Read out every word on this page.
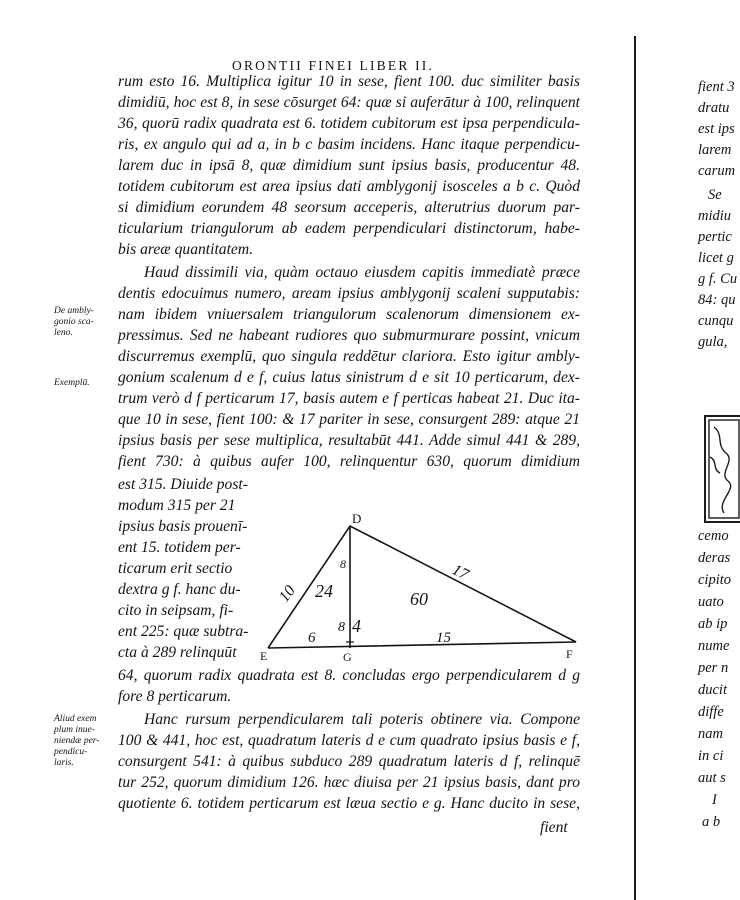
ORONTII FINEI LIBER II.
rum esto 16. Multiplica igitur 10 in sese, fient 100. duc similiter basis
dimidiū, hoc est 8, in sese cōsurget 64: quæ si auferātur à 100, relinquent
36, quorū radix quadrata est 6. totidem cubitorum est ipsa perpendicula-
ris, ex angulo qui ad a, in b c basim incidens. Hanc itaque perpendicu-
larem duc in ipsā 8, quæ dimidium sunt ipsius basis, producentur 48.
totidem cubitorum est area ipsius dati amblygonij isosceles a b c. Quòd
si dimidium eorundem 48 seorsum acceperis, alterutrius duorum par-
ticularium triangulorum ab eadem perpendiculari distinctorum, habe-
bis areæ quantitatem.
Haud dissimili via, quàm octauo eiusdem capitis immediatè præce
dentis edocuimus numero, aream ipsius amblygonij scaleni supputabis:
nam ibidem vniuersalem triangulorum scalenorum dimensionem ex-
pressimus. Sed ne habeant rudiores quo submurmurare possint, vnicum
discurremus exemplū, quo singula reddētur clariora. Esto igitur ambly-
gonium scalenum d e f, cuius latus sinistrum d e sit 10 perticarum, dex-
trum verò d f perticarum 17, basis autem e f perticas habeat 21. Duc ita-
que 10 in sese, fient 100: & 17 pariter in sese, consurgent 289: atque 21
ipsius basis per sese multiplica, resultabūt 441. Adde simul 441 & 289,
fient 730: à quibus aufer 100, relinquentur 630, quorum dimidium
est 315. Diuide post-
modum 315 per 21
ipsius basis prouenī-
ent 15. totidem per-
ticarum erit sectio
dextra g f. hanc du-
cito in seipsam, fi-
ent 225: quæ subtra-
cta à 289 relinquūt
64, quorum radix quadrata est 8. concludas ergo perpendicularem d g
fore 8 perticarum.
Hanc rursum perpendicularem tali poteris obtinere via. Compone
100 & 441, hoc est, quadratum lateris d e cum quadrato ipsius basis e f,
consurgent 541: à quibus subduco 289 quadratum lateris d f, relinquē
tur 252, quorum dimidium 126. hæc diuisa per 21 ipsius basis, dant pro
quotiente 6. totidem perticarum est læua sectio e g. Hanc ducito in sese,
fient
De ambly-
gonio sca-
leno.
Exemplū.
Aliud exem
plum inue-
niendæ per-
pendicu-
laris.
D
E	G	F
10
17
8
24	60
4
8
6	15
fient 3
dratu
est ips
larem
carum
Se
midiu
pertic
licet g
g f. Cu
84: qu
cunqu
gula,
cemo
deras
cipito
uato
ab ip
nume
per n
ducit
diffe
nam
in ci
aut s
I
a b
